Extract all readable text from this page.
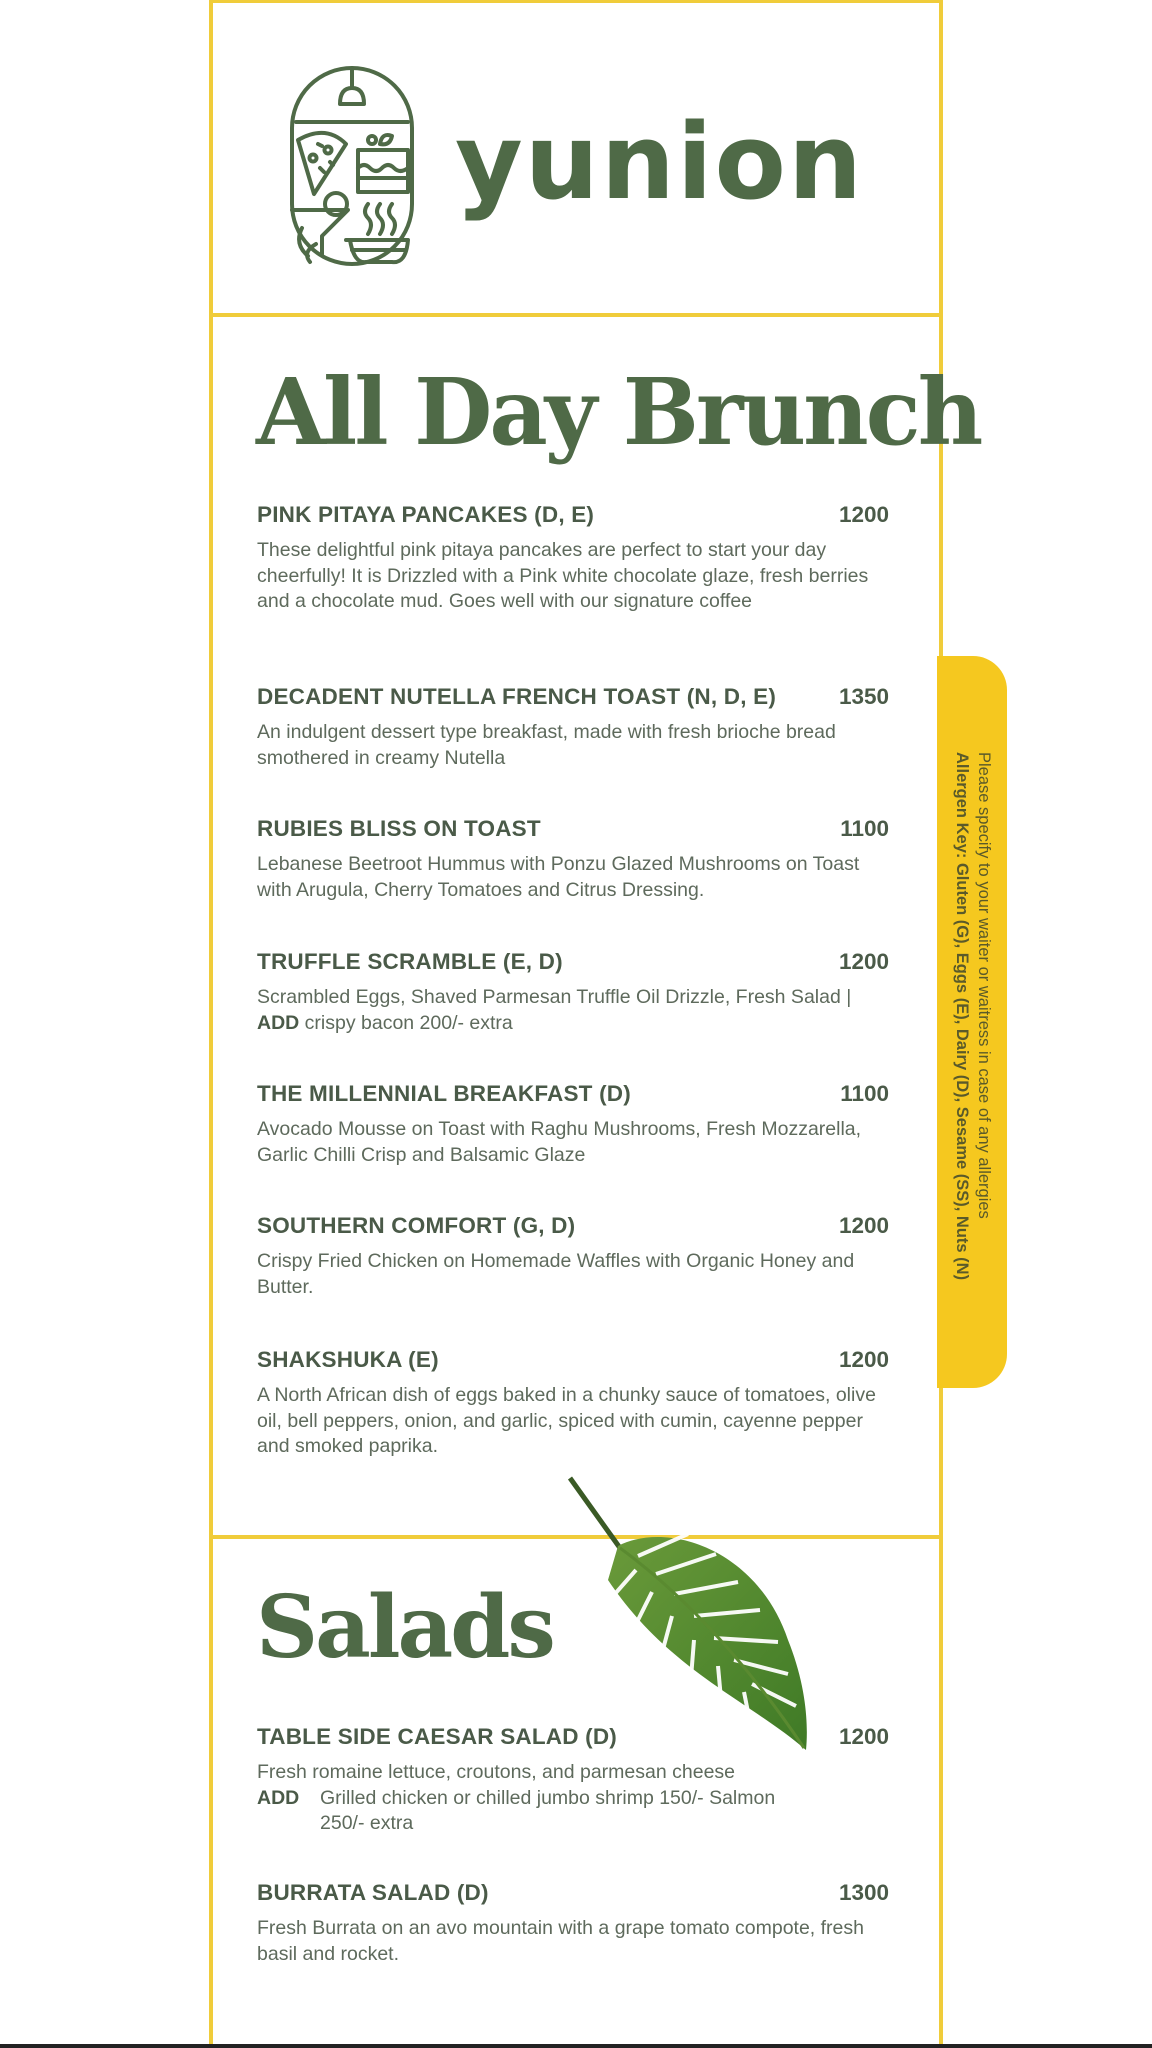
yunion
All Day Brunch
PINK PITAYA PANCAKES (D, E)	1200
These delightful pink pitaya pancakes are perfect to start your day cheerfully! It is Drizzled with a Pink white chocolate glaze, fresh berries and a chocolate mud. Goes well with our signature coffee
DECADENT NUTELLA FRENCH TOAST (N, D, E)	1350
An indulgent dessert type breakfast, made with fresh brioche bread smothered in creamy Nutella
RUBIES BLISS ON TOAST	1100
Lebanese Beetroot Hummus with Ponzu Glazed Mushrooms on Toast with Arugula, Cherry Tomatoes and Citrus Dressing.
TRUFFLE SCRAMBLE (E, D)	1200
Scrambled Eggs, Shaved Parmesan Truffle Oil Drizzle, Fresh Salad | ADD crispy bacon 200/- extra
THE MILLENNIAL BREAKFAST (D)	1100
Avocado Mousse on Toast with Raghu Mushrooms, Fresh Mozzarella, Garlic Chilli Crisp and Balsamic Glaze
SOUTHERN COMFORT (G, D)	1200
Crispy Fried Chicken on Homemade Waffles with Organic Honey and Butter.
SHAKSHUKA (E)	1200
A North African dish of eggs baked in a chunky sauce of tomatoes, olive oil, bell peppers, onion, and garlic, spiced with cumin, cayenne pepper and smoked paprika.
Salads
TABLE SIDE CAESAR SALAD (D)	1200
Fresh romaine lettuce, croutons, and parmesan cheese
ADD	Grilled chicken or chilled jumbo shrimp 150/- Salmon 250/- extra
BURRATA SALAD (D)	1300
Fresh Burrata on an avo mountain with a grape tomato compote, fresh basil and rocket.
Please specify to your waiter or waitress in case of any allergies
Allergen Key: Gluten (G), Eggs (E), Dairy (D), Sesame (SS), Nuts (N)
